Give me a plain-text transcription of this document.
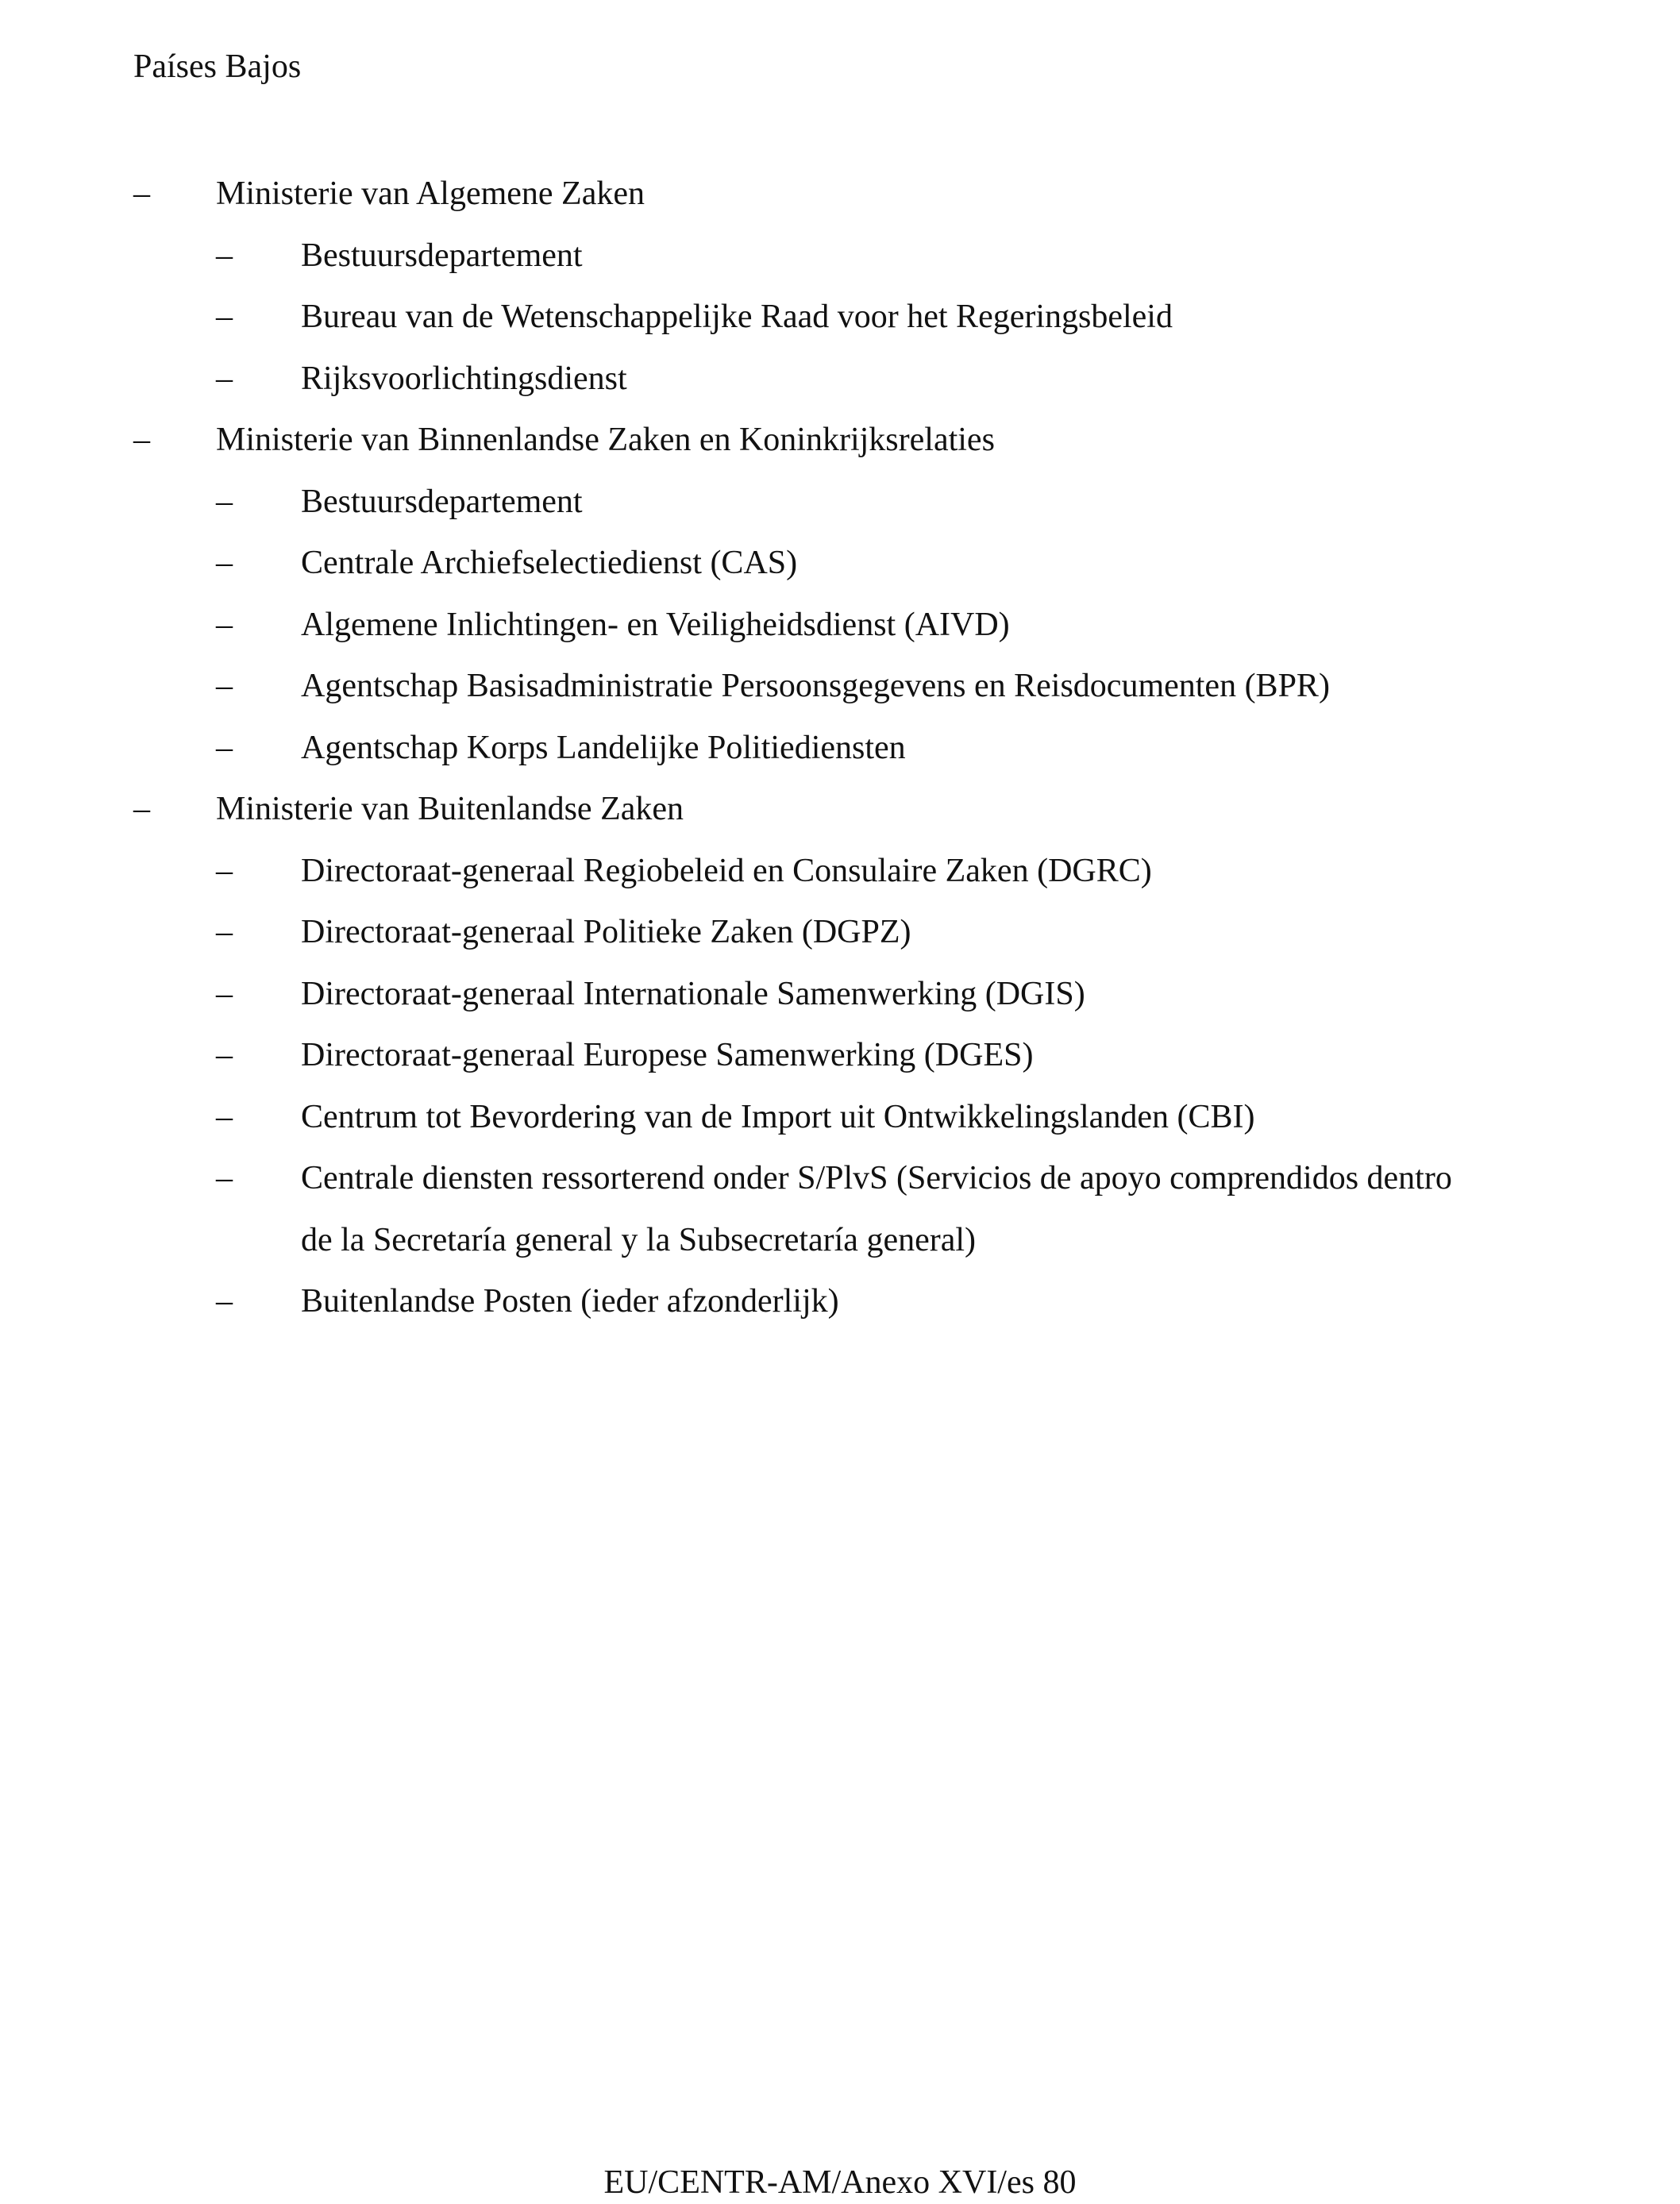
Países Bajos
– Ministerie van Algemene Zaken
– Bestuursdepartement
– Bureau van de Wetenschappelijke Raad voor het Regeringsbeleid
– Rijksvoorlichtingsdienst
– Ministerie van Binnenlandse Zaken en Koninkrijksrelaties
– Bestuursdepartement
– Centrale Archiefselectiedienst (CAS)
– Algemene Inlichtingen- en Veiligheidsdienst (AIVD)
– Agentschap Basisadministratie Persoonsgegevens en Reisdocumenten (BPR)
– Agentschap Korps Landelijke Politiediensten
– Ministerie van Buitenlandse Zaken
– Directoraat-generaal Regiobeleid en Consulaire Zaken (DGRC)
– Directoraat-generaal Politieke Zaken (DGPZ)
– Directoraat-generaal Internationale Samenwerking (DGIS)
– Directoraat-generaal Europese Samenwerking (DGES)
– Centrum tot Bevordering van de Import uit Ontwikkelingslanden (CBI)
– Centrale diensten ressorterend onder S/PlvS (Servicios de apoyo comprendidos dentro
de la Secretaría general y la Subsecretaría general)
– Buitenlandse Posten (ieder afzonderlijk)
EU/CENTR-AM/Anexo XVI/es 80
